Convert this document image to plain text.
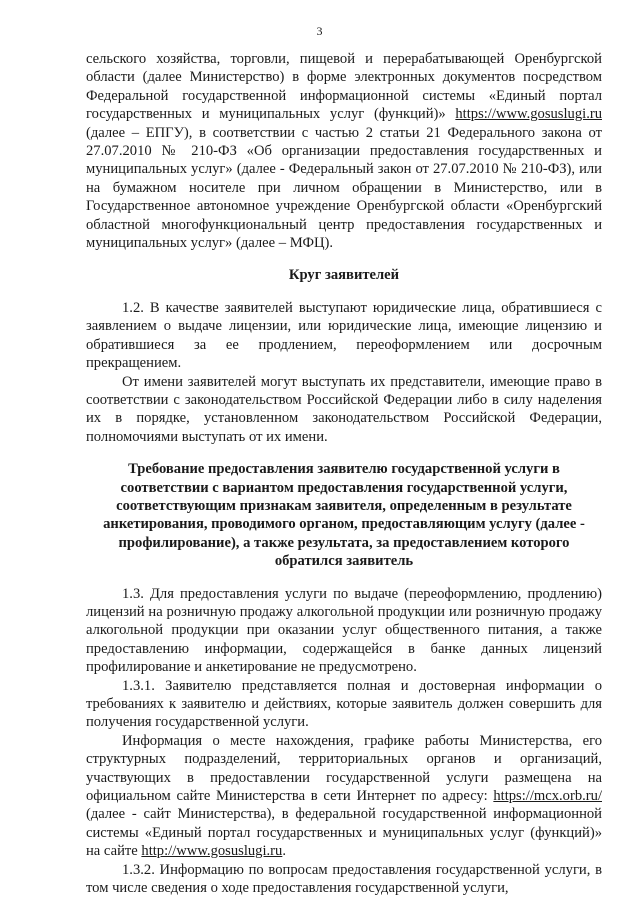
3

сельского хозяйства, торговли, пищевой и перерабатывающей Оренбургской области (далее Министерство) в форме электронных документов посредством Федеральной государственной информационной системы «Единый портал государственных и муниципальных услуг (функций)» https://www.gosuslugi.ru (далее – ЕПГУ), в соответствии с частью 2 статьи 21 Федерального закона от 27.07.2010 № 210-ФЗ «Об организации предоставления государственных и муниципальных услуг» (далее - Федеральный закон от 27.07.2010 № 210-ФЗ), или на бумажном носителе при личном обращении в Министерство, или в Государственное автономное учреждение Оренбургской области «Оренбургский областной многофункциональный центр предоставления государственных и муниципальных услуг» (далее – МФЦ).

Круг заявителей

1.2. В качестве заявителей выступают юридические лица, обратившиеся с заявлением о выдаче лицензии, или юридические лица, имеющие лицензию и обратившиеся за ее продлением, переоформлением или досрочным прекращением.

От имени заявителей могут выступать их представители, имеющие право в соответствии с законодательством Российской Федерации либо в силу наделения их в порядке, установленном законодательством Российской Федерации, полномочиями выступать от их имени.

Требование предоставления заявителю государственной услуги в соответствии с вариантом предоставления государственной услуги, соответствующим признакам заявителя, определенным в результате анкетирования, проводимого органом, предоставляющим услугу (далее - профилирование), а также результата, за предоставлением которого обратился заявитель

1.3. Для предоставления услуги по выдаче (переоформлению, продлению) лицензий на розничную продажу алкогольной продукции или розничную продажу алкогольной продукции при оказании услуг общественного питания, а также предоставлению информации, содержащейся в банке данных лицензий профилирование и анкетирование не предусмотрено.

1.3.1. Заявителю представляется полная и достоверная информации о требованиях к заявителю и действиях, которые заявитель должен совершить для получения государственной услуги.

Информация о месте нахождения, графике работы Министерства, его структурных подразделений, территориальных органов и организаций, участвующих в предоставлении государственной услуги размещена на официальном сайте Министерства в сети Интернет по адресу: https://mcx.orb.ru/ (далее - сайт Министерства), в федеральной государственной информационной системы «Единый портал государственных и муниципальных услуг (функций)» на сайте http://www.gosuslugi.ru.

1.3.2. Информацию по вопросам предоставления государственной услуги, в том числе сведения о ходе предоставления государственной услуги,
